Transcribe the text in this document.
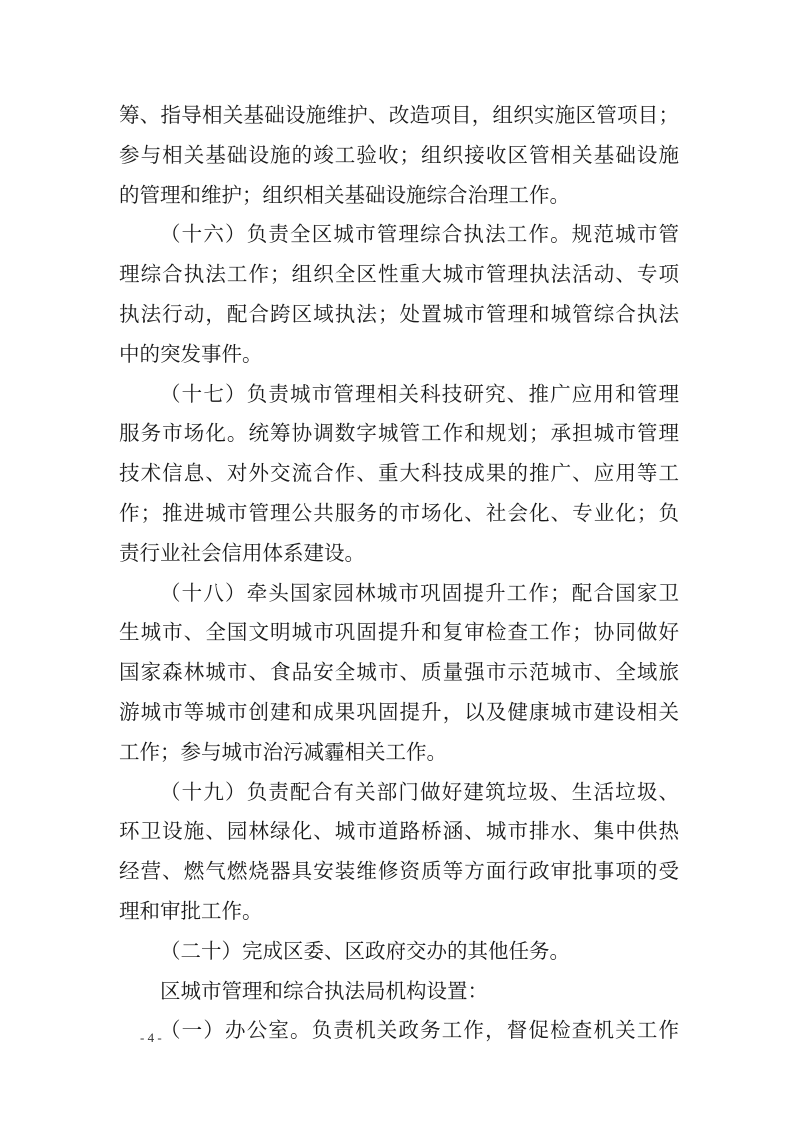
筹、指导相关基础设施维护、改造项目，组织实施区管项目；
参与相关基础设施的竣工验收；组织接收区管相关基础设施
的管理和维护；组织相关基础设施综合治理工作。

（十六）负责全区城市管理综合执法工作。规范城市管
理综合执法工作；组织全区性重大城市管理执法活动、专项
执法行动，配合跨区域执法；处置城市管理和城管综合执法
中的突发事件。

（十七）负责城市管理相关科技研究、推广应用和管理
服务市场化。统筹协调数字城管工作和规划；承担城市管理
技术信息、对外交流合作、重大科技成果的推广、应用等工
作；推进城市管理公共服务的市场化、社会化、专业化；负
责行业社会信用体系建设。

（十八）牵头国家园林城市巩固提升工作；配合国家卫
生城市、全国文明城市巩固提升和复审检查工作；协同做好
国家森林城市、食品安全城市、质量强市示范城市、全域旅
游城市等城市创建和成果巩固提升，以及健康城市建设相关
工作；参与城市治污减霾相关工作。

（十九）负责配合有关部门做好建筑垃圾、生活垃圾、
环卫设施、园林绿化、城市道路桥涵、城市排水、集中供热
经营、燃气燃烧器具安装维修资质等方面行政审批事项的受
理和审批工作。

（二十）完成区委、区政府交办的其他任务。

区城市管理和综合执法局机构设置：

（一）办公室。负责机关政务工作，督促检查机关工作

- 4 -
